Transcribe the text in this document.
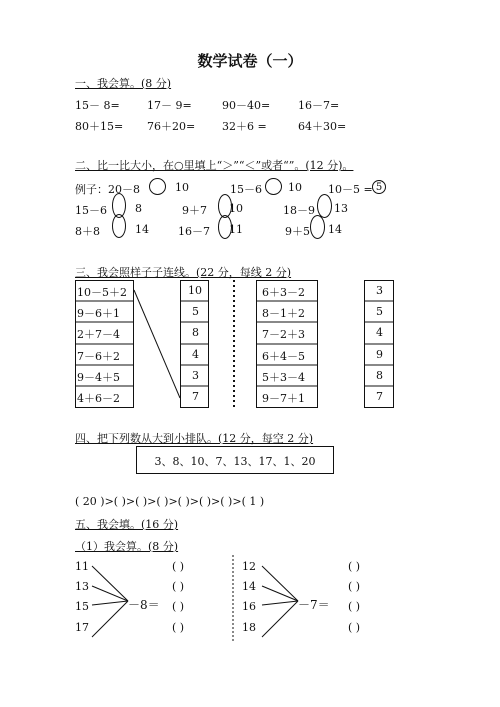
数学试卷（一）
一、我会算。(8 分)
15－ 8= 17－ 9=	90－40=	16－7=
80＋15= 76＋20= 32＋6 =	64＋30=
二、比一比大小，在○里填上“＞”“＜”或者“”。(12 分)。
例子：20－8	10	15－6 10 10－5 = 5
15－6	8	9＋7 10	18－9 13
8＋8	14	16－7 11	9＋5 14
三、我会照样子子连线。(22 分，每线 2 分)
10－5＋2
9－6＋1
2＋7－4
7－6＋2
9－4＋5
4＋6－2
10
5
8
4
3
7
6＋3－2
8－1＋2
7－2＋3
6＋4－5
5＋3－4
9－7＋1
3
5
4
9
8
7
四、把下列数从大到小排队。(12 分，每空 2 分)
3、8、10、7、13、17、1、20
( 20 )>( )>( )>( )>( )>( )>( )>( 1 )
五、我会填。(16 分)
（1）我会算。(8 分)
11
13
15
17
－8＝
( )
( )
( )
( )
12
14
16
18
－7＝
( )
( )
( )
( )
